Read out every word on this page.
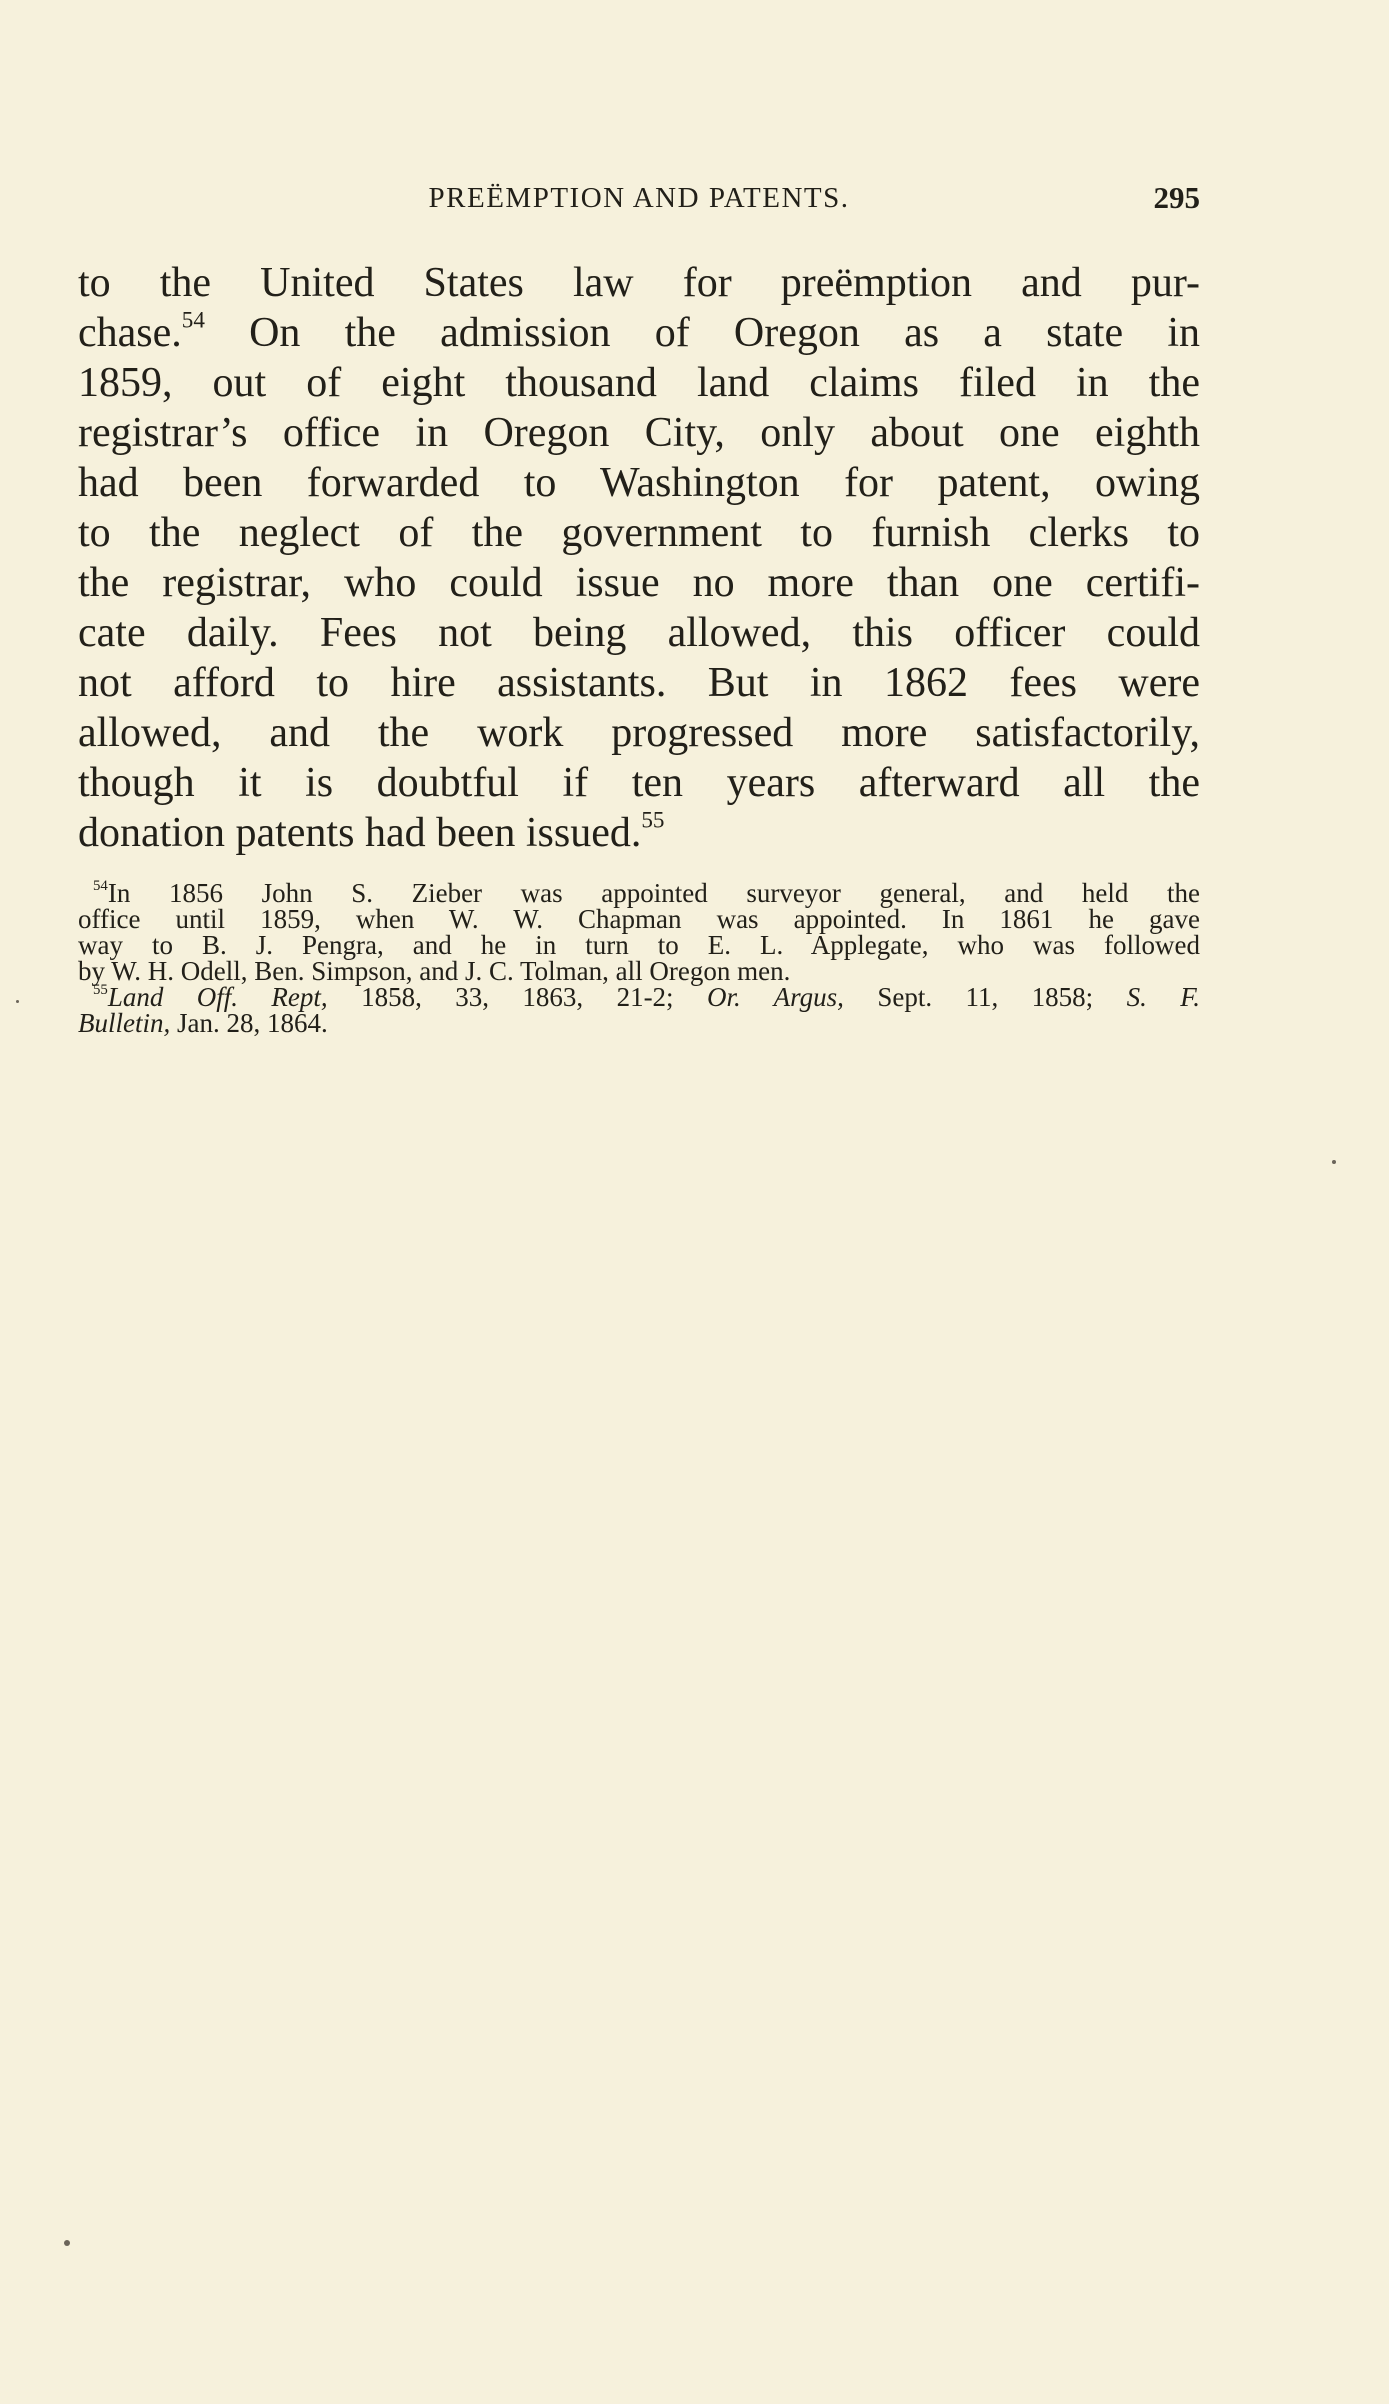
PREËMPTION AND PATENTS.	295
to the United States law for preëmption and pur-
chase.$^{54}$ On the admission of Oregon as a state in
1859, out of eight thousand land claims filed in the
registrar’s office in Oregon City, only about one eighth
had been forwarded to Washington for patent, owing
to the neglect of the government to furnish clerks to
the registrar, who could issue no more than one certifi-
cate daily. Fees not being allowed, this officer could
not afford to hire assistants. But in 1862 fees were
allowed, and the work progressed more satisfactorily,
though it is doubtful if ten years afterward all the
donation patents had been issued.$^{55}$
$^{54}$In 1856 John S. Zieber was appointed surveyor general, and held the
office until 1859, when W. W. Chapman was appointed. In 1861 he gave
way to B. J. Pengra, and he in turn to E. L. Applegate, who was followed
by W. H. Odell, Ben. Simpson, and J. C. Tolman, all Oregon men.
$^{55}$Land Off. Rept, 1858, 33, 1863, 21-2; Or. Argus, Sept. 11, 1858; S. F.
Bulletin, Jan. 28, 1864.
